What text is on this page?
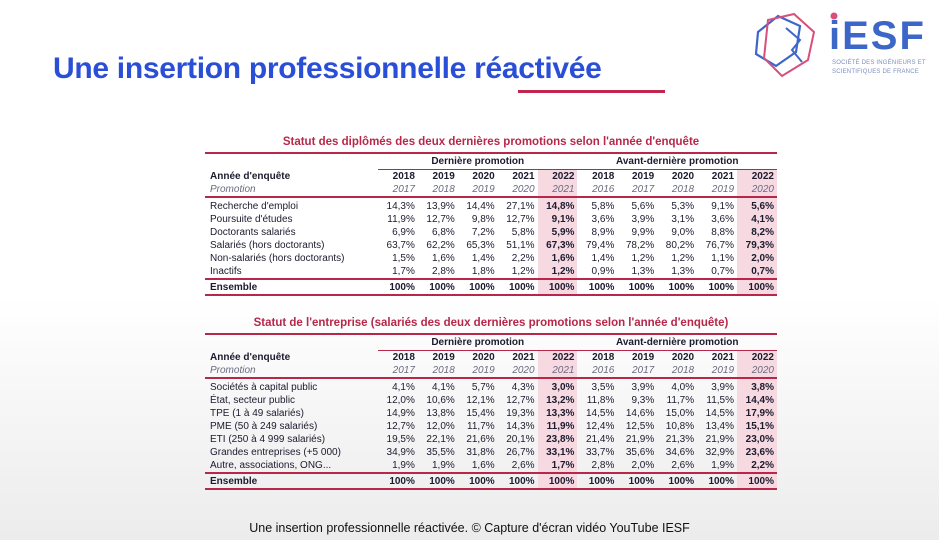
Une insertion professionnelle réactivée
iESF
SOCIÉTÉ DES INGÉNIEURS ET
SCIENTIFIQUES DE FRANCE
Statut des diplômés des deux dernières promotions selon l'année d'enquête
	Dernière promotion					Avant-dernière promotion				
Année d'enquête	2018	2019	2020	2021	2022	2018	2019	2020	2021	2022
Promotion	2017	2018	2019	2020	2021	2016	2017	2018	2019	2020
Recherche d'emploi	14,3%	13,9%	14,4%	27,1%	14,8%	5,8%	5,6%	5,3%	9,1%	5,6%
Poursuite d'études	11,9%	12,7%	9,8%	12,7%	9,1%	3,6%	3,9%	3,1%	3,6%	4,1%
Doctorants salariés	6,9%	6,8%	7,2%	5,8%	5,9%	8,9%	9,9%	9,0%	8,8%	8,2%
Salariés (hors doctorants)	63,7%	62,2%	65,3%	51,1%	67,3%	79,4%	78,2%	80,2%	76,7%	79,3%
Non-salariés (hors doctorants)	1,5%	1,6%	1,4%	2,2%	1,6%	1,4%	1,2%	1,2%	1,1%	2,0%
Inactifs	1,7%	2,8%	1,8%	1,2%	1,2%	0,9%	1,3%	1,3%	0,7%	0,7%
Ensemble	100%	100%	100%	100%	100%	100%	100%	100%	100%	100%
Statut de l'entreprise (salariés des deux dernières promotions selon l'année d'enquête)
	Dernière promotion					Avant-dernière promotion				
Année d'enquête	2018	2019	2020	2021	2022	2018	2019	2020	2021	2022
Promotion	2017	2018	2019	2020	2021	2016	2017	2018	2019	2020
Sociétés à capital public	4,1%	4,1%	5,7%	4,3%	3,0%	3,5%	3,9%	4,0%	3,9%	3,8%
État, secteur public	12,0%	10,6%	12,1%	12,7%	13,2%	11,8%	9,3%	11,7%	11,5%	14,4%
TPE (1 à 49 salariés)	14,9%	13,8%	15,4%	19,3%	13,3%	14,5%	14,6%	15,0%	14,5%	17,9%
PME (50 à 249 salariés)	12,7%	12,0%	11,7%	14,3%	11,9%	12,4%	12,5%	10,8%	13,4%	15,1%
ETI (250 à 4 999 salariés)	19,5%	22,1%	21,6%	20,1%	23,8%	21,4%	21,9%	21,3%	21,9%	23,0%
Grandes entreprises (+5 000)	34,9%	35,5%	31,8%	26,7%	33,1%	33,7%	35,6%	34,6%	32,9%	23,6%
Autre, associations, ONG...	1,9%	1,9%	1,6%	2,6%	1,7%	2,8%	2,0%	2,6%	1,9%	2,2%
Ensemble	100%	100%	100%	100%	100%	100%	100%	100%	100%	100%
Une insertion professionnelle réactivée. © Capture d'écran vidéo YouTube IESF
